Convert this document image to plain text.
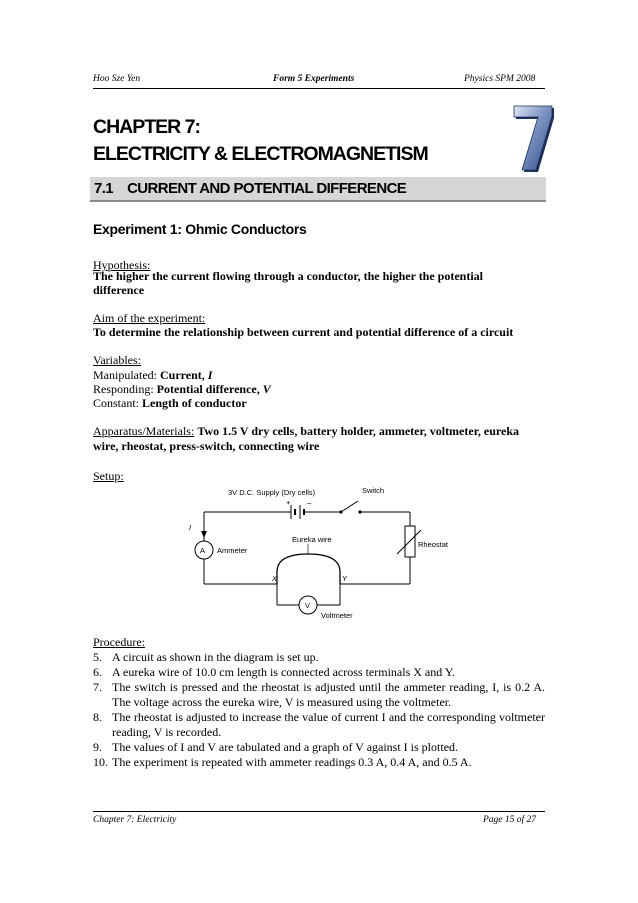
Hoo Sze Yen	Form 5 Experiments	Physics SPM 2008
CHAPTER 7:
ELECTRICITY & ELECTROMAGNETISM
7.1 CURRENT AND POTENTIAL DIFFERENCE
Experiment 1: Ohmic Conductors
Hypothesis:
The higher the current flowing through a conductor, the higher the potential
difference
Aim of the experiment:
To determine the relationship between current and potential difference of a circuit
Variables:
Manipulated: Current, I
Responding: Potential difference, V
Constant: Length of conductor
Apparatus/Materials: Two 1.5 V dry cells, battery holder, ammeter, voltmeter, eureka
wire, rheostat, press-switch, connecting wire
Setup:
3V D.C. Supply (Dry cells)	Switch
+ –
I
A Ammeter
Eureka wire
Rheostat
X	Y
V
Voltmeter
Procedure:
5. A circuit as shown in the diagram is set up.
6. A eureka wire of 10.0 cm length is connected across terminals X and Y.
7. The switch is pressed and the rheostat is adjusted until the ammeter reading, I, is 0.2 A. The voltage across the eureka wire, V is measured using the voltmeter.
8. The rheostat is adjusted to increase the value of current I and the corresponding voltmeter reading, V is recorded.
9. The values of I and V are tabulated and a graph of V against I is plotted.
10. The experiment is repeated with ammeter readings 0.3 A, 0.4 A, and 0.5 A.
Chapter 7: Electricity	Page 15 of 27
